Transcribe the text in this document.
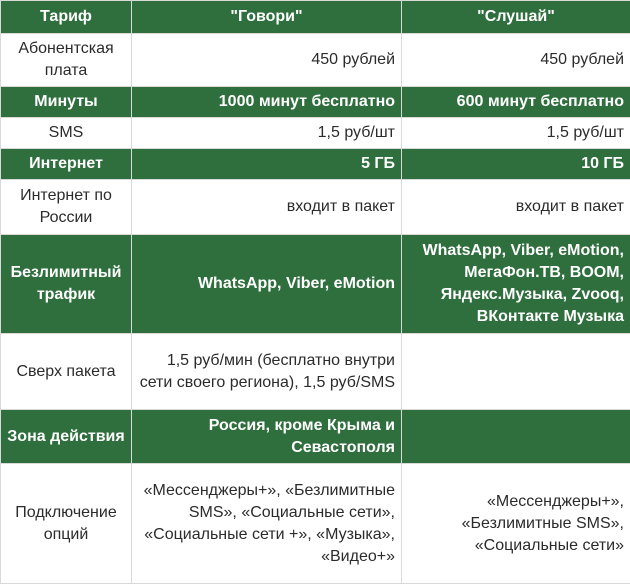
Тариф	"Говори"	"Слушай"
Абонентская плата	450 рублей	450 рублей
Минуты	1000 минут бесплатно	600 минут бесплатно
SMS	1,5 руб/шт	1,5 руб/шт
Интернет	5 ГБ	10 ГБ
Интернет по России	входит в пакет	входит в пакет
Безлимитный трафик	WhatsApp, Viber, eMotion	WhatsApp, Viber, eMotion, МегаФон.ТВ, BOOM, Яндекс.Музыка, Zvooq, ВКонтакте Музыка
Сверх пакета	1,5 руб/мин (бесплатно внутри сети своего региона), 1,5 руб/SMS	
Зона действия	Россия, кроме Крыма и Севастополя	
Подключение опций	«Мессенджеры+», «Безлимитные SMS», «Социальные сети», «Социальные сети +», «Музыка», «Видео+»	«Мессенджеры+», «Безлимитные SMS», «Социальные сети»
